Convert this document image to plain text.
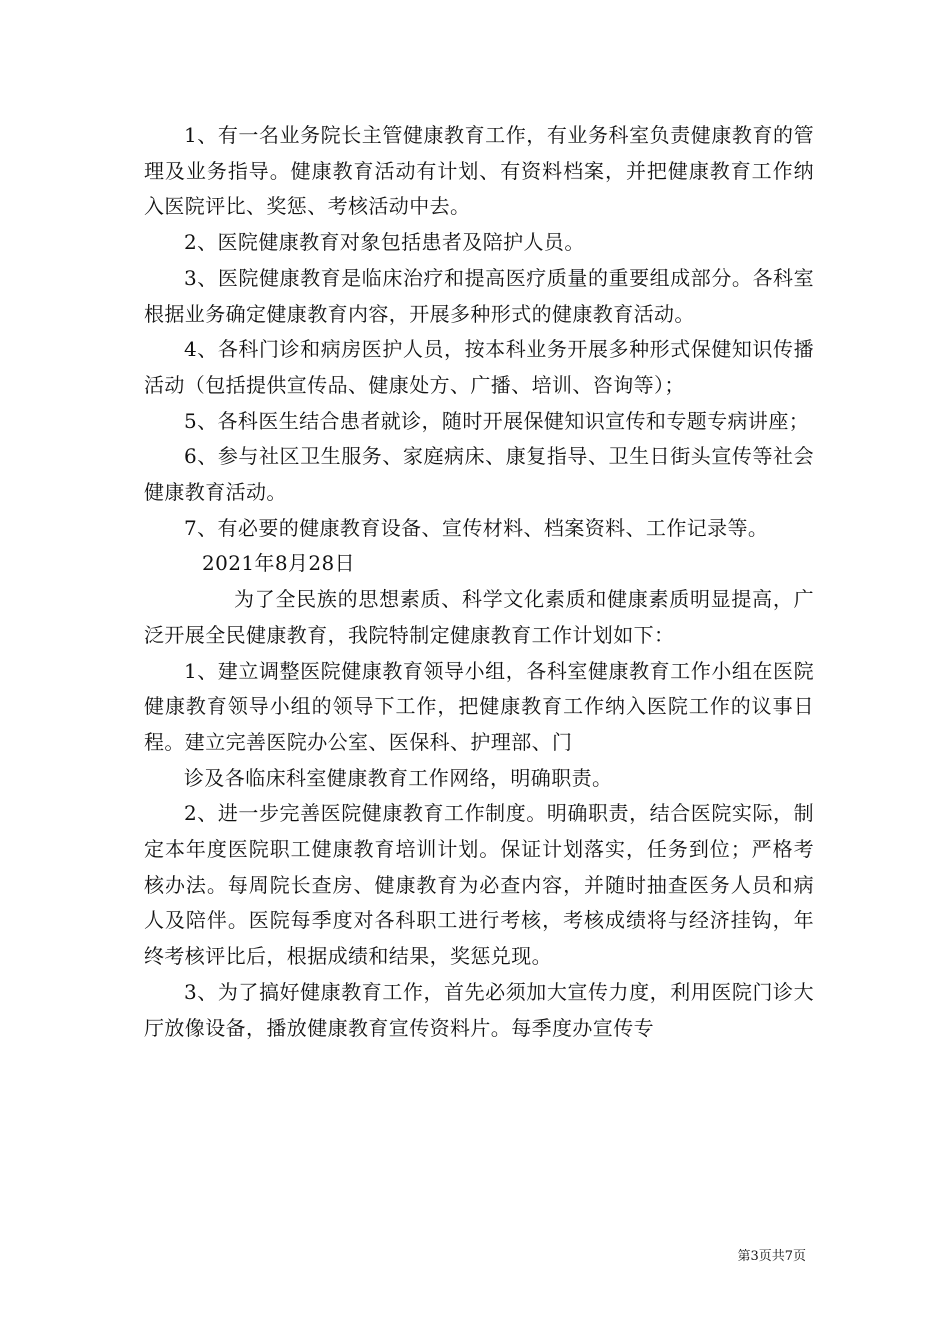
1、有一名业务院长主管健康教育工作，有业务科室负责健康教育的管理及业务指导。健康教育活动有计划、有资料档案，并把健康教育工作纳入医院评比、奖惩、考核活动中去。

2、医院健康教育对象包括患者及陪护人员。

3、医院健康教育是临床治疗和提高医疗质量的重要组成部分。各科室根据业务确定健康教育内容，开展多种形式的健康教育活动。

4、各科门诊和病房医护人员，按本科业务开展多种形式保健知识传播活动（包括提供宣传品、健康处方、广播、培训、咨询等）；

5、各科医生结合患者就诊，随时开展保健知识宣传和专题专病讲座；

6、参与社区卫生服务、家庭病床、康复指导、卫生日街头宣传等社会健康教育活动。

7、有必要的健康教育设备、宣传材料、档案资料、工作记录等。

2021年8月28日

为了全民族的思想素质、科学文化素质和健康素质明显提高，广泛开展全民健康教育，我院特制定健康教育工作计划如下：

1、建立调整医院健康教育领导小组，各科室健康教育工作小组在医院健康教育领导小组的领导下工作，把健康教育工作纳入医院工作的议事日程。建立完善医院办公室、医保科、护理部、门

诊及各临床科室健康教育工作网络，明确职责。

2、进一步完善医院健康教育工作制度。明确职责，结合医院实际，制定本年度医院职工健康教育培训计划。保证计划落实，任务到位；严格考核办法。每周院长查房、健康教育为必查内容，并随时抽查医务人员和病人及陪伴。医院每季度对各科职工进行考核，考核成绩将与经济挂钩，年终考核评比后，根据成绩和结果，奖惩兑现。

3、为了搞好健康教育工作，首先必须加大宣传力度，利用医院门诊大厅放像设备，播放健康教育宣传资料片。每季度办宣传专

第3页共7页
